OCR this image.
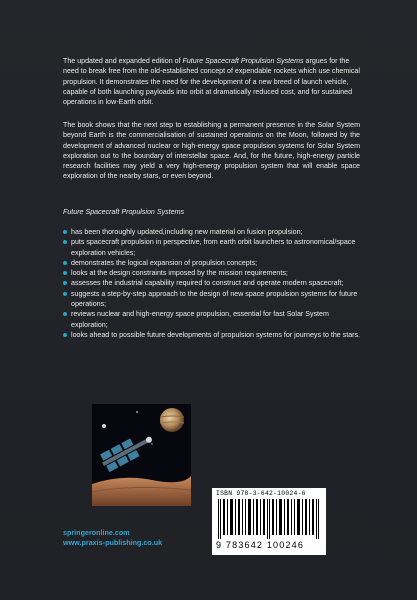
The updated and expanded edition of Future Spacecraft Propulsion Systems argues for the need to break free from the old-established concept of expendable rockets which use chemical propulsion. It demonstrates the need for the development of a new breed of launch vehicle, capable of both launching payloads into orbit at dramatically reduced cost, and for sustained operations in low-Earth orbit.

The book shows that the next step to establishing a permanent presence in the Solar System beyond Earth is the commercialisation of sustained operations on the Moon, followed by the development of advanced nuclear or high-energy space propulsion systems for Solar System exploration out to the boundary of interstellar space. And, for the future, high-energy particle research facilities may yield a very high-energy propulsion system that will enable space exploration of the nearby stars, or even beyond.

Future Spacecraft Propulsion Systems
has been thoroughly updated,including new material on fusion propulsion;
puts spacecraft propulsion in perspective, from earth orbit launchers to astronomical/space exploration vehicles;
demonstrates the logical expansion of propulsion concepts;
looks at the design constraints imposed by the mission requirements;
assesses the industrial capability required to construct and operate modern spacecraft;
suggests a step-by-step approach to the design of new space propulsion systems for future operations;
reviews nuclear and high-energy space propulsion, essential for fast Solar System exploration;
looks ahead to possible future developments of propulsion systems for journeys to the stars.
ISBN 978-3-642-10024-6
9 783642 100246
springeronline.com
www.praxis-publishing.co.uk
